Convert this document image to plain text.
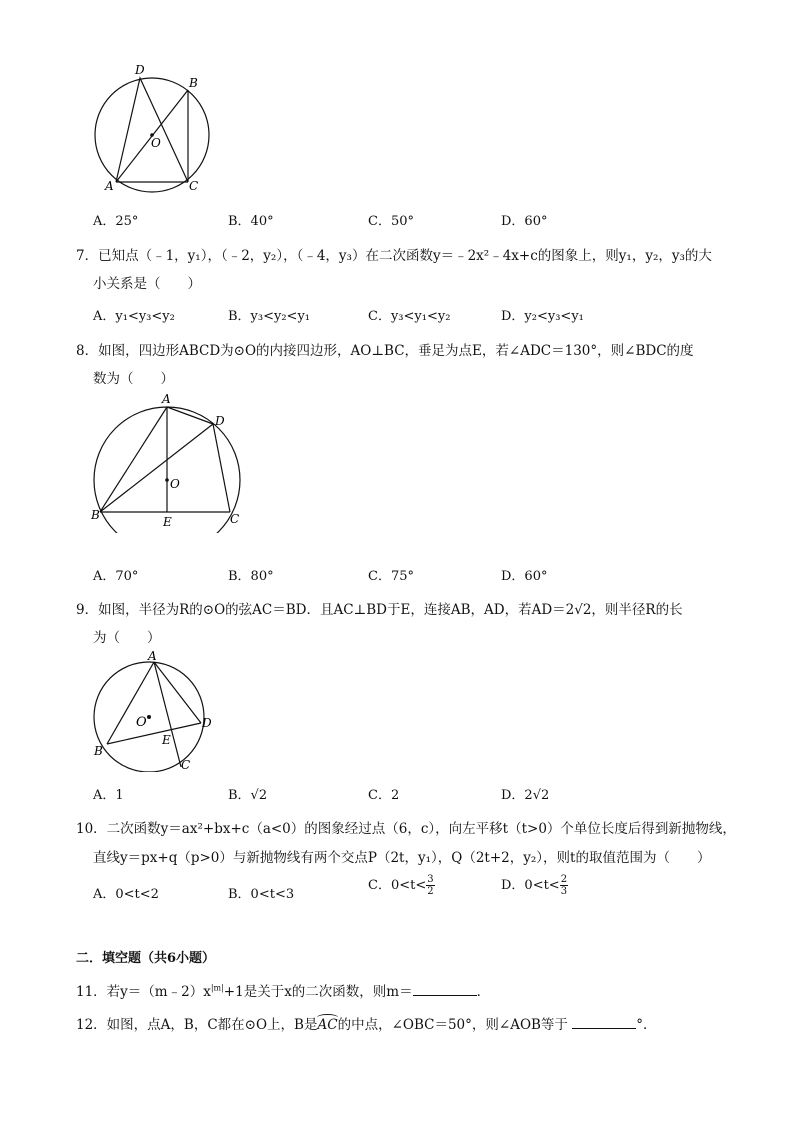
D
B
O
A	C
A．25°	B．40°	C．50°	D．60°
7．已知点（﹣1，y₁），（﹣2，y₂），（﹣4，y₃）在二次函数y＝﹣2x²﹣4x+c的图象上，则y₁，y₂，y₃的大
小关系是（　　）
A．y₁<y₃<y₂	B．y₃<y₂<y₁	C．y₃<y₁<y₂	D．y₂<y₃<y₁
8．如图，四边形ABCD为⊙O的内接四边形，AO⊥BC，垂足为点E，若∠ADC＝130°，则∠BDC的度
数为（　　）
A
D
O
B	E	C
A．70°	B．80°	C．75°	D．60°
9．如图，半径为R的⊙O的弦AC＝BD．且AC⊥BD于E，连接AB，AD，若AD＝2√2，则半径R的长
为（　　）
A
O	D
E
B
C
A．1	B．√2	C．2	D．2√2
10．二次函数y＝ax²+bx+c（a<0）的图象经过点（6，c），向左平移t（t>0）个单位长度后得到新抛物线，
直线y＝px+q（p>0）与新抛物线有两个交点P（2t，y₁），Q（2t+2，y₂），则t的取值范围为（　　）
A．0<t<2	B．0<t<3
C．$0<t< \frac{3}{2}$	D．$0<t< \frac{2}{3}$
二．填空题（共6小题）
11．若$y=(m﹣2)x^{|m|}+1$是关于x的二次函数，则m＝	．
12．如图，点A，B，C都在⊙O上，B是
AC的中点，∠OBC＝50°，则∠AOB等于	°．
